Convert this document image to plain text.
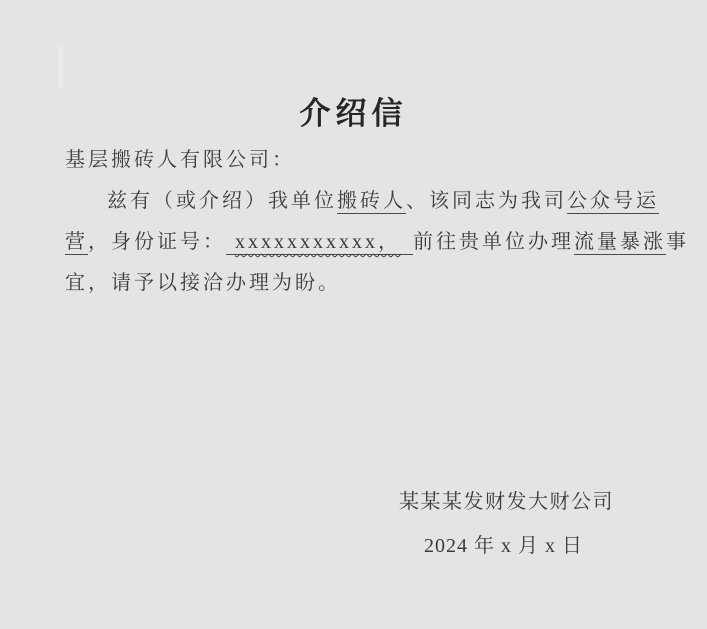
介绍信
基层搬砖人有限公司：
兹有（或介绍）我单位搬砖人、该同志为我司公众号运
营，身份证号： xxxxxxxxxxx， 前往贵单位办理流量暴涨事
宜，请予以接洽办理为盼。
某某某发财发大财公司
2024 年 x 月 x 日
